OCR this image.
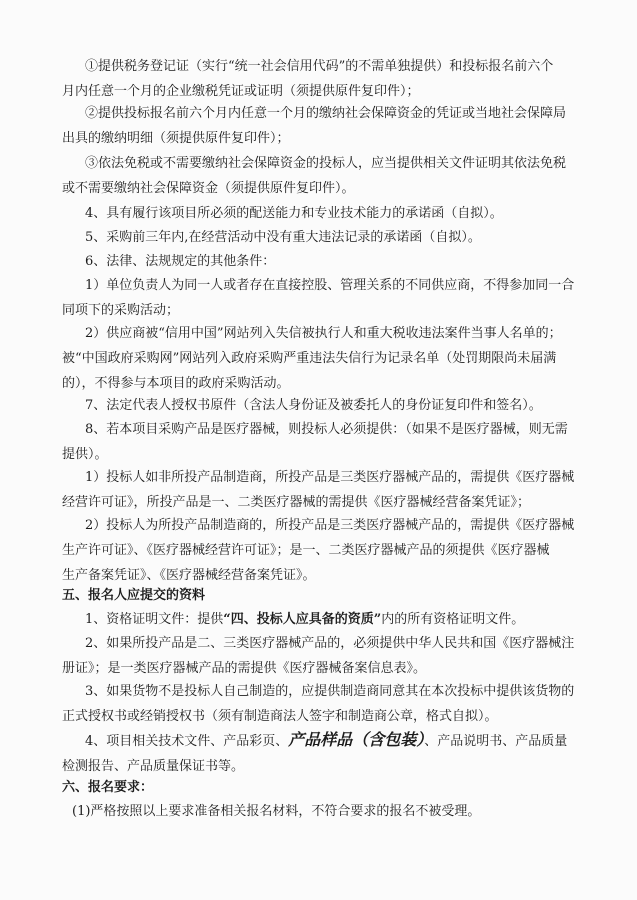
①提供税务登记证（实行“统一社会信用代码”的不需单独提供）和投标报名前六个
月内任意一个月的企业缴税凭证或证明（须提供原件复印件）；
②提供投标报名前六个月内任意一个月的缴纳社会保障资金的凭证或当地社会保障局
出具的缴纳明细（须提供原件复印件）；
③依法免税或不需要缴纳社会保障资金的投标人，应当提供相关文件证明其依法免税
或不需要缴纳社会保障资金（须提供原件复印件）。
4、具有履行该项目所必须的配送能力和专业技术能力的承诺函（自拟）。
5、采购前三年内,在经营活动中没有重大违法记录的承诺函（自拟）。
6、法律、法规规定的其他条件：
1）单位负责人为同一人或者存在直接控股、管理关系的不同供应商，不得参加同一合
同项下的采购活动；
2）供应商被“信用中国”网站列入失信被执行人和重大税收违法案件当事人名单的；
被“中国政府采购网”网站列入政府采购严重违法失信行为记录名单（处罚期限尚未届满
的），不得参与本项目的政府采购活动。
7、法定代表人授权书原件（含法人身份证及被委托人的身份证复印件和签名）。
8、若本项目采购产品是医疗器械，则投标人必须提供：（如果不是医疗器械，则无需
提供）。
1）投标人如非所投产品制造商，所投产品是三类医疗器械产品的，需提供《医疗器械
经营许可证》，所投产品是一、二类医疗器械的需提供《医疗器械经营备案凭证》；
2）投标人为所投产品制造商的，所投产品是三类医疗器械产品的，需提供《医疗器械
生产许可证》、《医疗器械经营许可证》；是一、二类医疗器械产品的须提供《医疗器械
生产备案凭证》、《医疗器械经营备案凭证》。
五、报名人应提交的资料
1、资格证明文件：提供“四、投标人应具备的资质”内的所有资格证明文件。
2、如果所投产品是二、三类医疗器械产品的，必须提供中华人民共和国《医疗器械注
册证》；是一类医疗器械产品的需提供《医疗器械备案信息表》。
3、如果货物不是投标人自己制造的，应提供制造商同意其在本次投标中提供该货物的
正式授权书或经销授权书（须有制造商法人签字和制造商公章，格式自拟）。
4、项目相关技术文件、产品彩页、产品样品（含包装）、产品说明书、产品质量
检测报告、产品质量保证书等。
六、报名要求：
(1)严格按照以上要求准备相关报名材料，不符合要求的报名不被受理。
